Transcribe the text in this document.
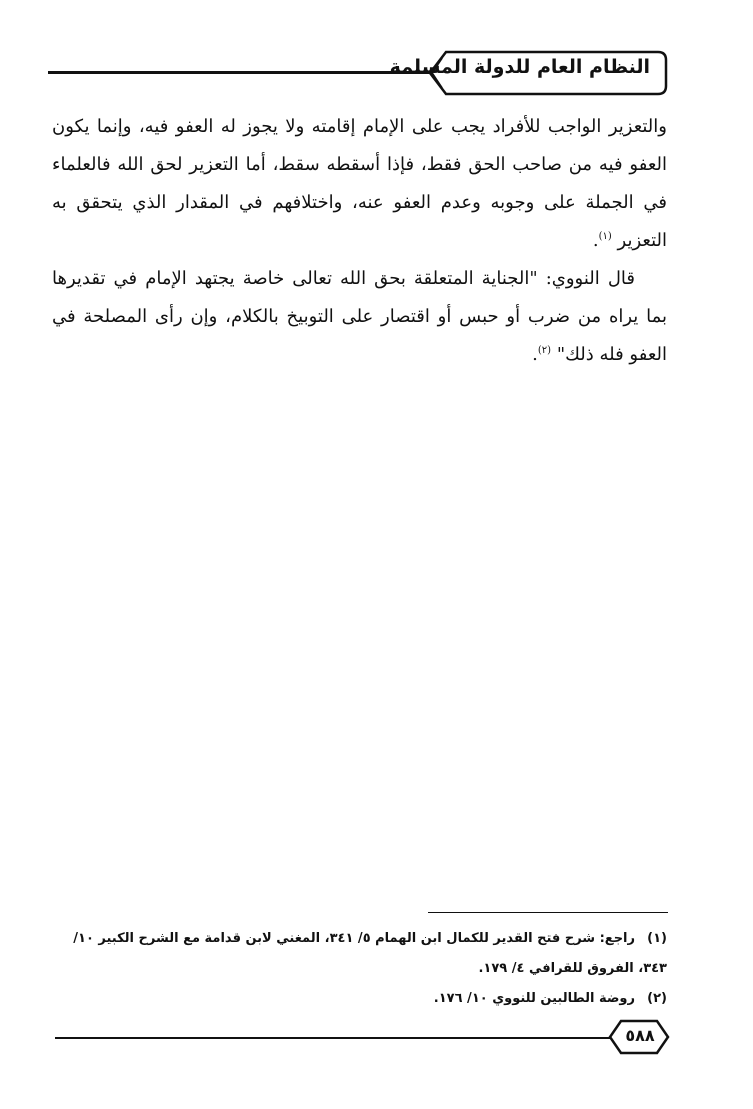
النظام العام للدولة المسلمة

والتعزير الواجب للأفراد يجب على الإمام إقامته ولا يجوز له العفو فيه، وإنما يكون العفو فيه من صاحب الحق فقط، فإذا أسقطه سقط، أما التعزير لحق الله فالعلماء في الجملة على وجوبه وعدم العفو عنه، واختلافهم في المقدار الذي يتحقق به التعزير $^{(١)}$.

قال النووي: "الجناية المتعلقة بحق الله تعالى خاصة يجتهد الإمام في تقديرها بما يراه من ضرب أو حبس أو اقتصار على التوبيخ بالكلام، وإن رأى المصلحة في العفو فله ذلك" $^{(٢)}$.

(١)راجع: شرح فتح القدير للكمال ابن الهمام ٥/ ٣٤١، المغني لابن قدامة مع الشرح الكبير ١٠/ ٣٤٣، الفروق للقرافي ٤/ ١٧٩.

(٢)روضة الطالبين للنووي ١٠/ ١٧٦.

٥٨٨
